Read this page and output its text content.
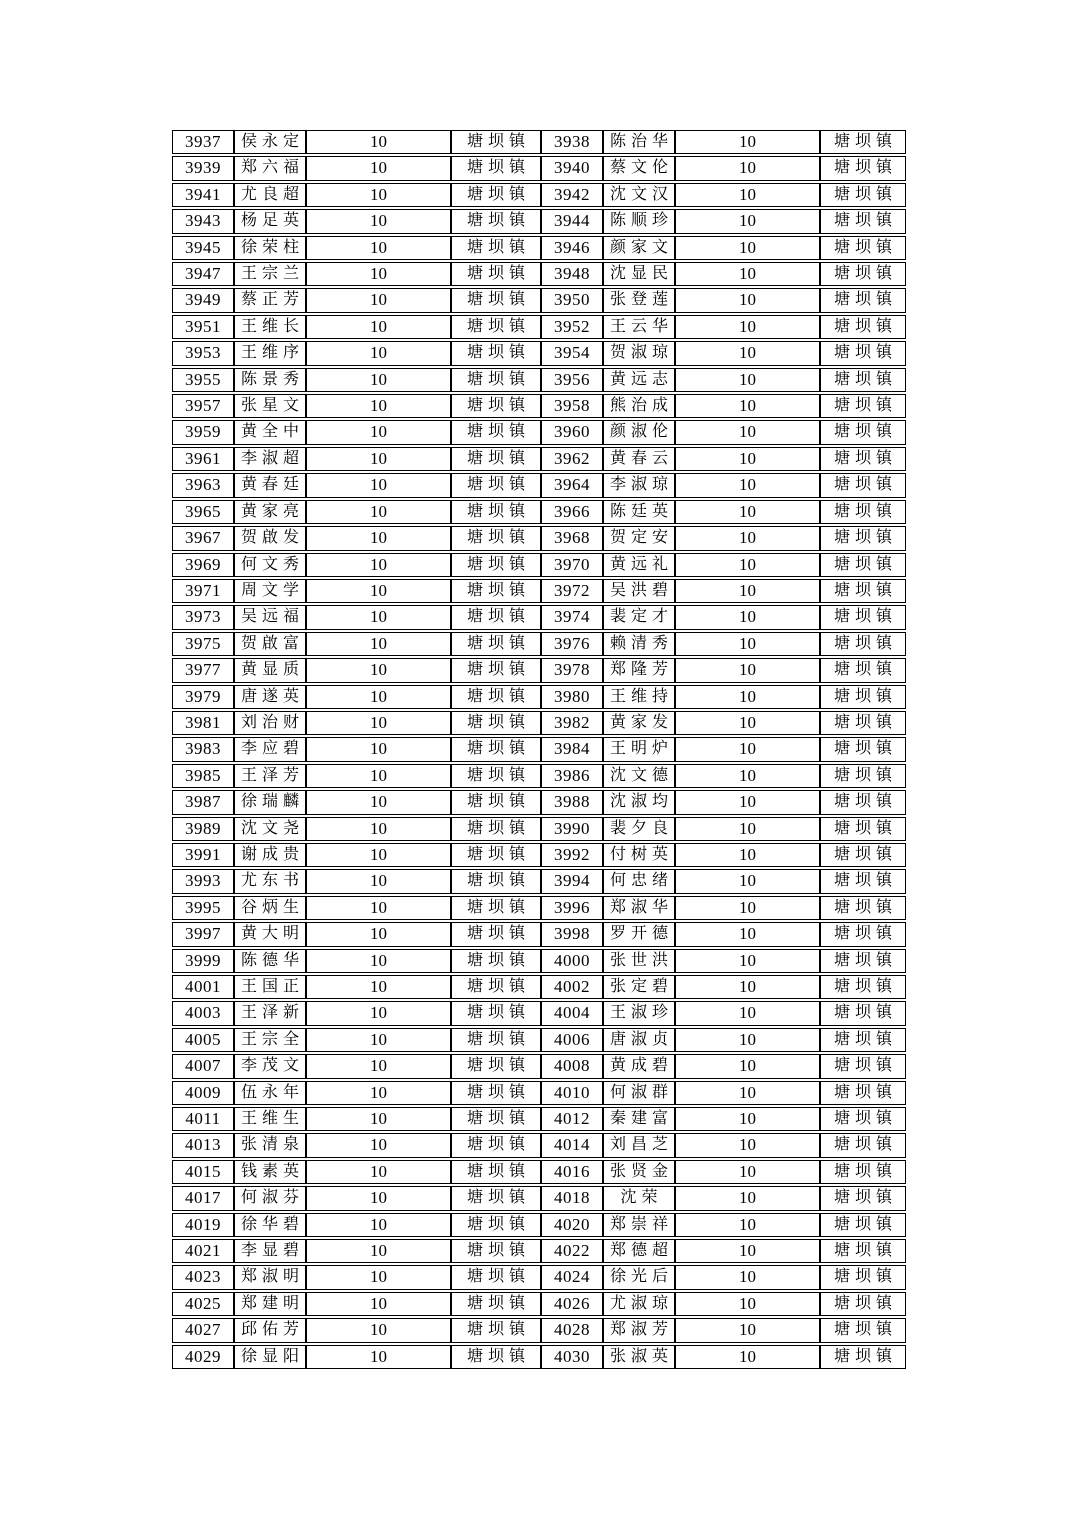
3937	侯永定	10	塘坝镇	3938	陈治华	10	塘坝镇
3939	郑六福	10	塘坝镇	3940	蔡文伦	10	塘坝镇
3941	尤良超	10	塘坝镇	3942	沈文汉	10	塘坝镇
3943	杨足英	10	塘坝镇	3944	陈顺珍	10	塘坝镇
3945	徐荣柱	10	塘坝镇	3946	颜家文	10	塘坝镇
3947	王宗兰	10	塘坝镇	3948	沈显民	10	塘坝镇
3949	蔡正芳	10	塘坝镇	3950	张登莲	10	塘坝镇
3951	王维长	10	塘坝镇	3952	王云华	10	塘坝镇
3953	王维序	10	塘坝镇	3954	贺淑琼	10	塘坝镇
3955	陈景秀	10	塘坝镇	3956	黄远志	10	塘坝镇
3957	张星文	10	塘坝镇	3958	熊治成	10	塘坝镇
3959	黄全中	10	塘坝镇	3960	颜淑伦	10	塘坝镇
3961	李淑超	10	塘坝镇	3962	黄春云	10	塘坝镇
3963	黄春廷	10	塘坝镇	3964	李淑琼	10	塘坝镇
3965	黄家亮	10	塘坝镇	3966	陈廷英	10	塘坝镇
3967	贺啟发	10	塘坝镇	3968	贺定安	10	塘坝镇
3969	何文秀	10	塘坝镇	3970	黄远礼	10	塘坝镇
3971	周文学	10	塘坝镇	3972	吴洪碧	10	塘坝镇
3973	吴远福	10	塘坝镇	3974	裴定才	10	塘坝镇
3975	贺啟富	10	塘坝镇	3976	赖清秀	10	塘坝镇
3977	黄显质	10	塘坝镇	3978	郑隆芳	10	塘坝镇
3979	唐遂英	10	塘坝镇	3980	王维持	10	塘坝镇
3981	刘治财	10	塘坝镇	3982	黄家发	10	塘坝镇
3983	李应碧	10	塘坝镇	3984	王明炉	10	塘坝镇
3985	王泽芳	10	塘坝镇	3986	沈文德	10	塘坝镇
3987	徐瑞麟	10	塘坝镇	3988	沈淑均	10	塘坝镇
3989	沈文尧	10	塘坝镇	3990	裴夕良	10	塘坝镇
3991	谢成贵	10	塘坝镇	3992	付树英	10	塘坝镇
3993	尤东书	10	塘坝镇	3994	何忠绪	10	塘坝镇
3995	谷炳生	10	塘坝镇	3996	郑淑华	10	塘坝镇
3997	黄大明	10	塘坝镇	3998	罗开德	10	塘坝镇
3999	陈德华	10	塘坝镇	4000	张世洪	10	塘坝镇
4001	王国正	10	塘坝镇	4002	张定碧	10	塘坝镇
4003	王泽新	10	塘坝镇	4004	王淑珍	10	塘坝镇
4005	王宗全	10	塘坝镇	4006	唐淑贞	10	塘坝镇
4007	李茂文	10	塘坝镇	4008	黄成碧	10	塘坝镇
4009	伍永年	10	塘坝镇	4010	何淑群	10	塘坝镇
4011	王维生	10	塘坝镇	4012	秦建富	10	塘坝镇
4013	张清泉	10	塘坝镇	4014	刘昌芝	10	塘坝镇
4015	钱素英	10	塘坝镇	4016	张贤金	10	塘坝镇
4017	何淑芬	10	塘坝镇	4018	沈荣	10	塘坝镇
4019	徐华碧	10	塘坝镇	4020	郑崇祥	10	塘坝镇
4021	李显碧	10	塘坝镇	4022	郑德超	10	塘坝镇
4023	郑淑明	10	塘坝镇	4024	徐光后	10	塘坝镇
4025	郑建明	10	塘坝镇	4026	尤淑琼	10	塘坝镇
4027	邱佑芳	10	塘坝镇	4028	郑淑芳	10	塘坝镇
4029	徐显阳	10	塘坝镇	4030	张淑英	10	塘坝镇
